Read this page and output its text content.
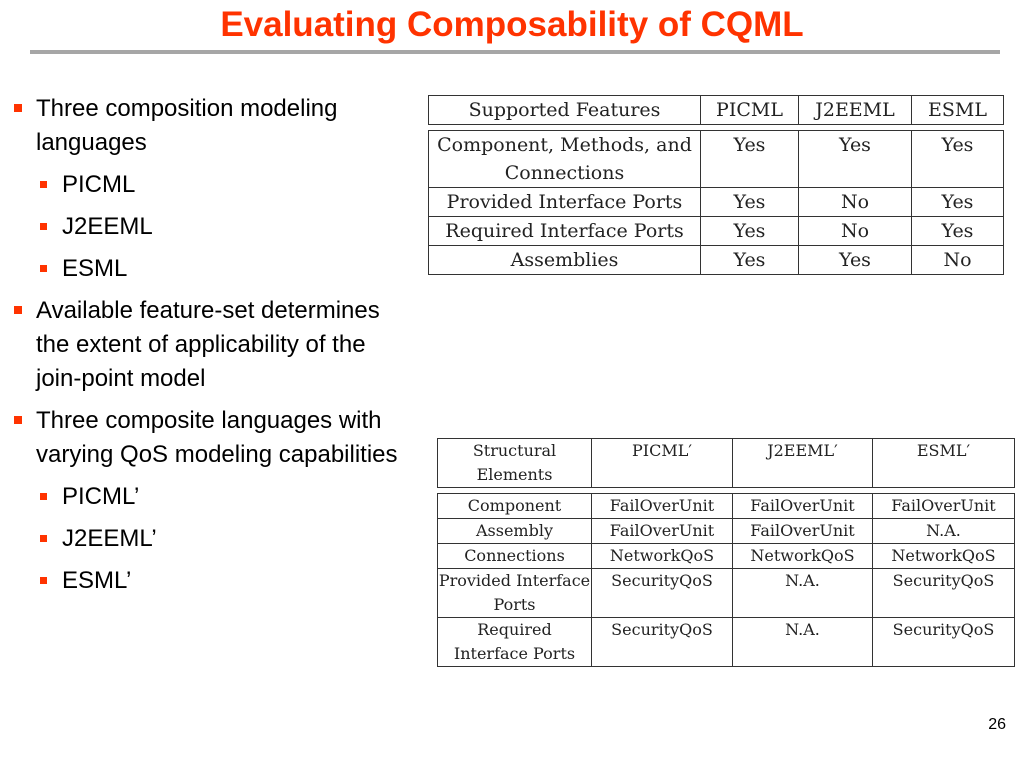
Evaluating Composability of CQML
Three composition modeling languages
PICML
J2EEML
ESML
Available feature-set determines the extent of applicability of the join-point model
Three composite languages with varying QoS modeling capabilities
PICML’
J2EEML’
ESML’
Supported Features	PICML	J2EEML	ESML

Component, Methods, and Connections	Yes	Yes	Yes
Provided Interface Ports	Yes	No	Yes
Required Interface Ports	Yes	No	Yes
Assemblies	Yes	Yes	No
Structural Elements	PICML′	J2EEML′	ESML′

Component	FailOverUnit	FailOverUnit	FailOverUnit
Assembly	FailOverUnit	FailOverUnit	N.A.
Connections	NetworkQoS	NetworkQoS	NetworkQoS
Provided Interface Ports	SecurityQoS	N.A.	SecurityQoS
Required Interface Ports	SecurityQoS	N.A.	SecurityQoS
26
